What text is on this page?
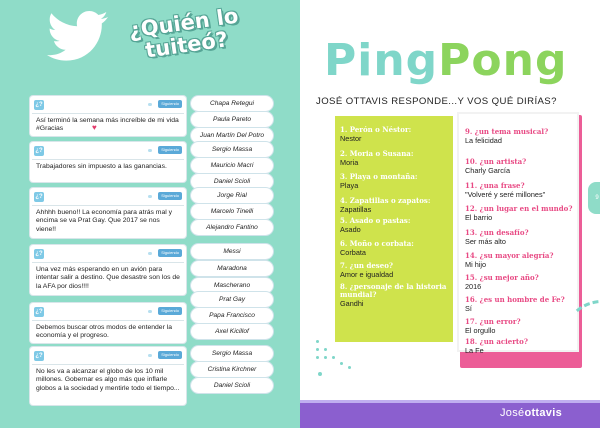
¿Quién lo tuiteó?
¿?	Siguiendo
Así terminó la semana más increíble de mi vida #Gracias	♥
Chapa Retegui
Paula Pareto
Juan Martín Del Potro
¿?	Siguiendo
Trabajadores sin impuesto a las ganancias.
Sergio Massa
Mauricio Macri
Daniel Scioli
¿?	Siguiendo
Ahhhh bueno!! La economía para atrás mal y encima se va Prat Gay. Que 2017 se nos viene!!
Jorge Rial
Marcelo Tinelli
Alejandro Fantino
¿?	Siguiendo
Una vez más esperando en un avión para intentar salir a destino. Que desastre son los de la AFA por dios!!!!
Messi
Maradona
Mascherano
¿?	Siguiendo
Debemos buscar otros modos de entender la economía y el progreso.
Prat Gay
Papa Francisco
Axel Kicillof
¿?	Siguiendo
No les va a alcanzar el globo de los 10 mil millones. Gobernar es algo más que inflarle globos a la sociedad y mentirle todo el tiempo...
Sergio Massa
Cristina Kirchner
Daniel Scioli
PingPong
JOSÉ OTTAVIS RESPONDE...Y VOS QUÉ DIRÍAS?
1. Perón o Néstor:
Nestor
2. Moria o Susana:
Moria
3. Playa o montaña:
Playa
4. Zapatillas o zapatos:
Zapatillas
5. Asado o pastas:
Asado
6. Moño o corbata:
Corbata
7. ¿un deseo?
Amor e igualdad
8. ¿personaje de la historia mundial?
Gandhi
9. ¿un tema musical?
La felicidad
10. ¿un artista?
Charly García
11. ¿una frase?
"Volveré y seré millones"
12. ¿un lugar en el mundo?
El barrio
13. ¿un desafío?
Ser más alto
14. ¿su mayor alegría?
Mi hijo
15. ¿su mejor año?
2016
16. ¿es un hombre de Fe?
Sí
17. ¿un error?
El orgullo
18. ¿un acierto?
La Fe
9
Joséottavis
